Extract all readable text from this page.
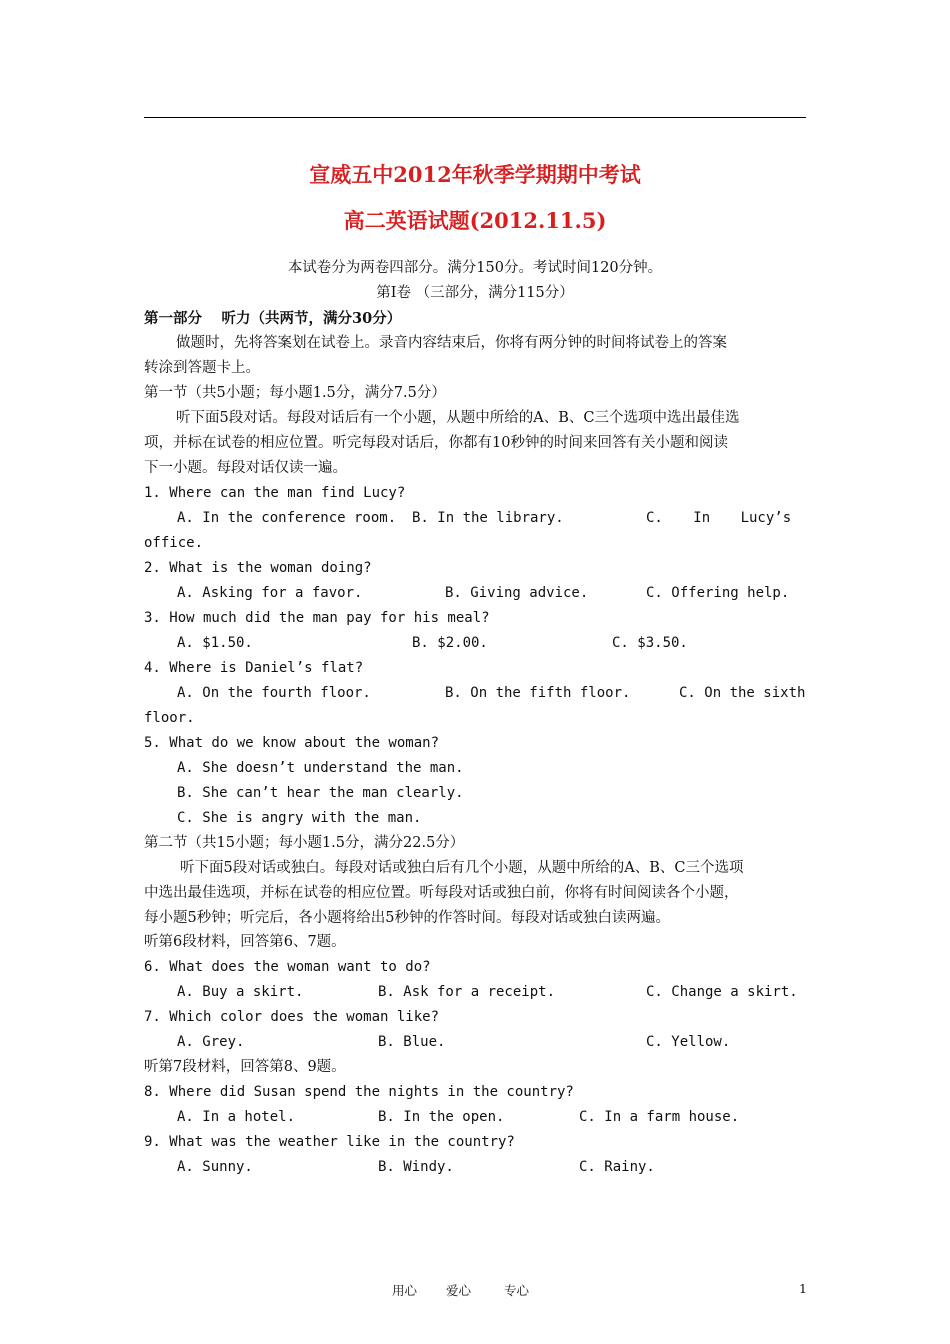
宣威五中2012年秋季学期期中考试
高二英语试题(2012.11.5)
本试卷分为两卷四部分。满分150分。考试时间120分钟。
第Ⅰ卷 （三部分，满分115分）
第一部分 　听力（共两节，满分30分）
做题时，先将答案划在试卷上。录音内容结束后，你将有两分钟的时间将试卷上的答案
转涂到答题卡上。
第一节（共5小题；每小题1.5分，满分7.5分）
听下面5段对话。每段对话后有一个小题，从题中所给的A、B、C三个选项中选出最佳选
项，并标在试卷的相应位置。听完每段对话后，你都有10秒钟的时间来回答有关小题和阅读
下一小题。每段对话仅读一遍。
1. Where can the man find Lucy?
A. In the conference room. B. In the library.	C. In Lucy’s
office.
2. What is the woman doing?
A. Asking for a favor.	B. Giving advice.	C. Offering help.
3. How much did the man pay for his meal?
A. $1.50.	B. $2.00.	C. $3.50.
4. Where is Daniel’s flat?
A. On the fourth floor.	B. On the fifth floor.	C. On the sixth
floor.
5. What do we know about the woman?
A. She doesn’t understand the man.
B. She can’t hear the man clearly.
C. She is angry with the man.
第二节（共15小题；每小题1.5分，满分22.5分）
听下面5段对话或独白。每段对话或独白后有几个小题，从题中所给的A、B、C三个选项
中选出最佳选项，并标在试卷的相应位置。听每段对话或独白前，你将有时间阅读各个小题，
每小题5秒钟；听完后，各小题将给出5秒钟的作答时间。每段对话或独白读两遍。
听第6段材料，回答第6、7题。
6. What does the woman want to do?
A. Buy a skirt.	B. Ask for a receipt.	C. Change a skirt.
7. Which color does the woman like?
A. Grey.	B. Blue.	C. Yellow.
听第7段材料，回答第8、9题。
8. Where did Susan spend the nights in the country?
A. In a hotel.	B. In the open.	C. In a farm house.
9. What was the weather like in the country?
A. Sunny.	B. Windy.	C. Rainy.
用心 爱心	专心	1
